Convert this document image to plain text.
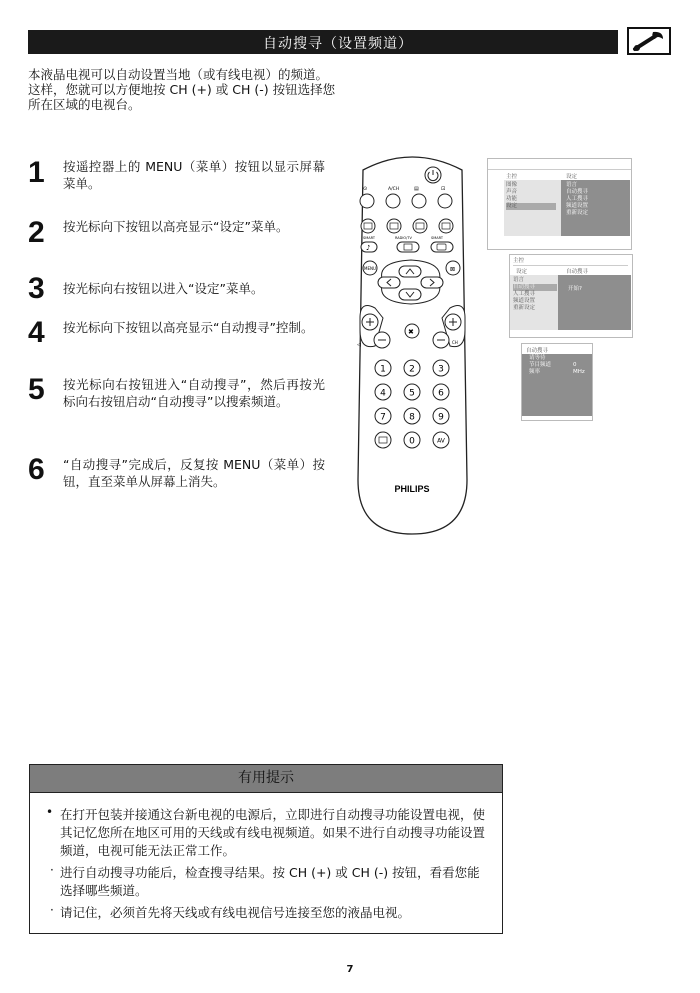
自动搜寻（设置频道）
本液晶电视可以自动设置当地（或有线电视）的频道。这样，您就可以方便地按 CH (+) 或 CH (-) 按钮选择您所在区域的电视台。
1 按遥控器上的 MENU（菜单）按钮以显示屏幕菜单。
2 按光标向下按钮以高亮显示“设定”菜单。
3 按光标向右按钮以进入“设定”菜单。
4 按光标向下按钮以高亮显示“自动搜寻”控制。
5 按光标向右按钮进入“自动搜寻”，然后再按光标向右按钮启动“自动搜寻”以搜索频道。
6 “自动搜寻”完成后，反复按 MENU（菜单）按钮，直至菜单从屏幕上消失。
⊙	A/CH	▤	⊡
SMART	RADIO/TV	SMART
♪
MENU	⊠
✖
◁	CH
1	2	3
4	5	6
7	8	9
0	AV
PHILIPS
主控	设定
图像
声音
功能
设定
语言
自动搜寻
人工搜寻
频道设置
重新设定
主控
设定	自动搜寻
语言
自动搜寻
人工搜寻
频道设置
重新设定
开始?
自动搜寻
请等待
节目频道
频率
0
MHz
有用提示
• 在打开包装并接通这台新电视的电源后，立即进行自动搜寻功能设置电视，使其记忆您所在地区可用的天线或有线电视频道。如果不进行自动搜寻功能设置频道，电视可能无法正常工作。
· 进行自动搜寻功能后，检查搜寻结果。按 CH (+) 或 CH (-) 按钮，看看您能选择哪些频道。
· 请记住，必须首先将天线或有线电视信号连接至您的液晶电视。
7
